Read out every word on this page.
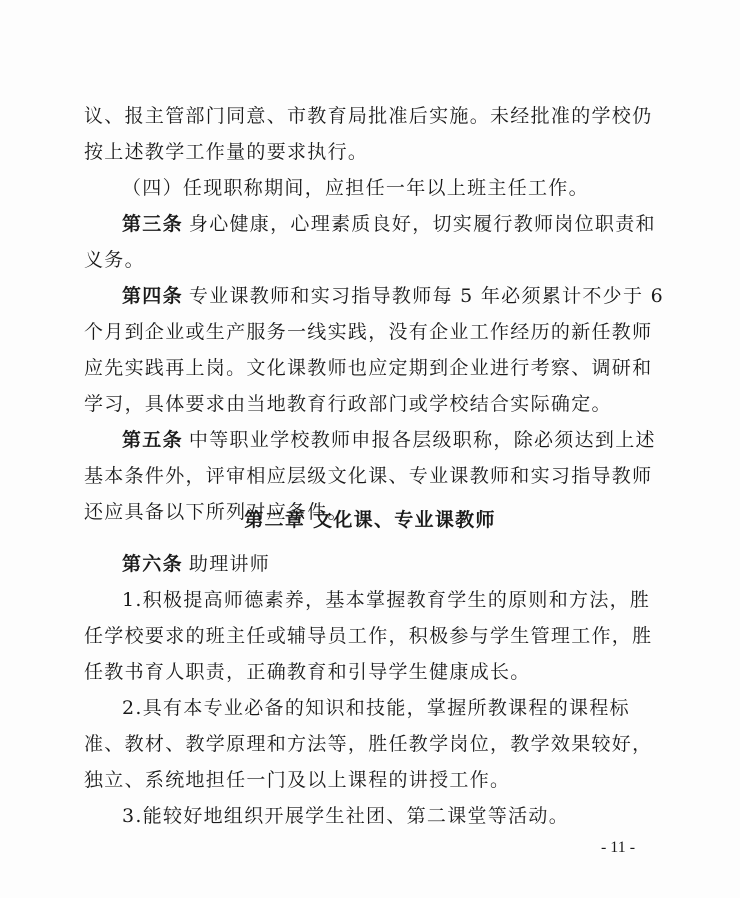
议、报主管部门同意、市教育局批准后实施。未经批准的学校仍
按上述教学工作量的要求执行。
（四）任现职称期间，应担任一年以上班主任工作。
第三条 身心健康，心理素质良好，切实履行教师岗位职责和
义务。
第四条 专业课教师和实习指导教师每 5 年必须累计不少于 6
个月到企业或生产服务一线实践，没有企业工作经历的新任教师
应先实践再上岗。文化课教师也应定期到企业进行考察、调研和
学习，具体要求由当地教育行政部门或学校结合实际确定。
第五条 中等职业学校教师申报各层级职称，除必须达到上述
基本条件外，评审相应层级文化课、专业课教师和实习指导教师
还应具备以下所列对应条件。
第二章 文化课、专业课教师
第六条 助理讲师
1.积极提高师德素养，基本掌握教育学生的原则和方法，胜
任学校要求的班主任或辅导员工作，积极参与学生管理工作，胜
任教书育人职责，正确教育和引导学生健康成长。
2.具有本专业必备的知识和技能，掌握所教课程的课程标
准、教材、教学原理和方法等，胜任教学岗位，教学效果较好，
独立、系统地担任一门及以上课程的讲授工作。
3.能较好地组织开展学生社团、第二课堂等活动。
- 11 -
